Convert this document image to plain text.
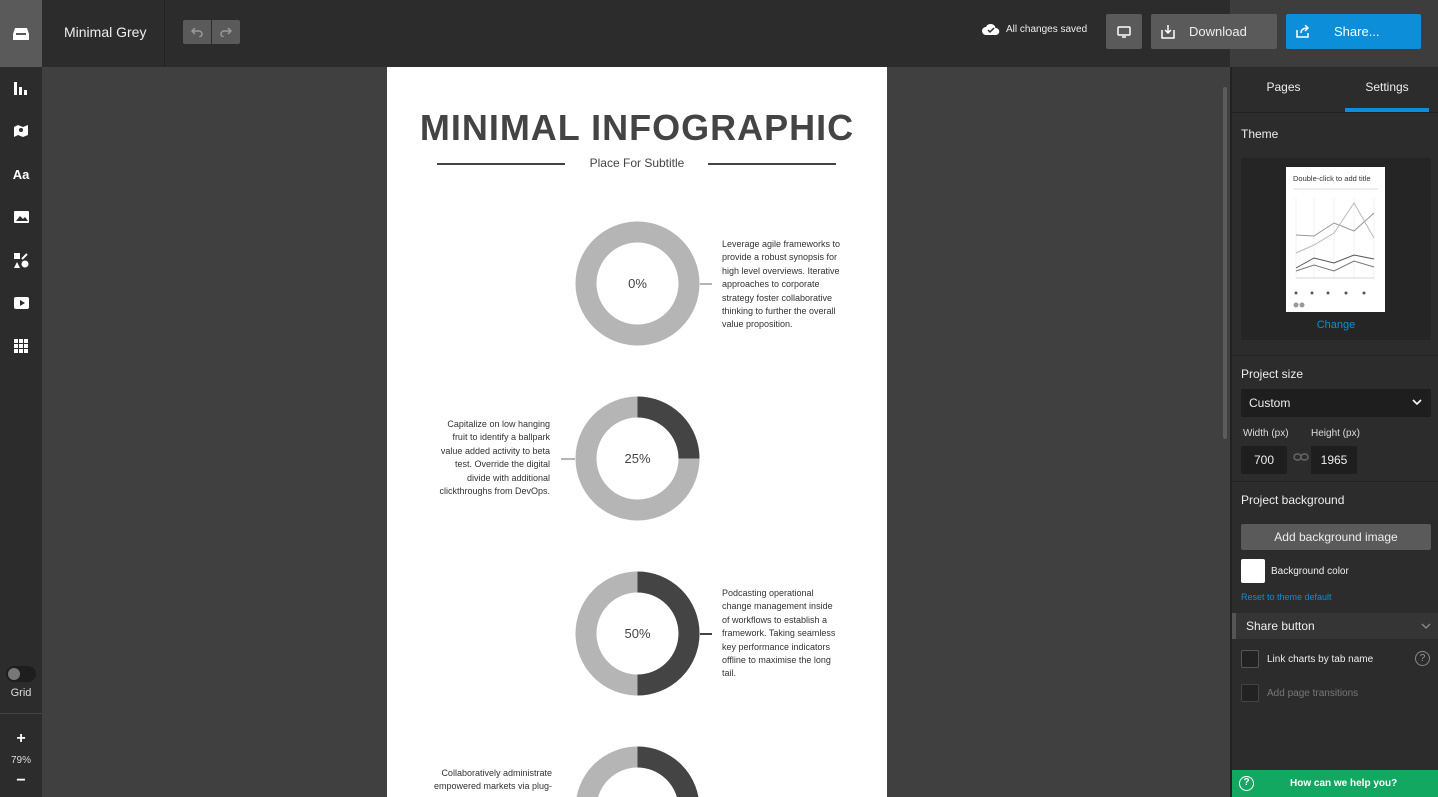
Aa
Grid
+
79%
−
Minimal Grey	All changes saved	Download	Share...
MINIMAL INFOGRAPHIC
Place For Subtitle
0%
Leverage agile frameworks to provide a robust synopsis for high level overviews. Iterative approaches to corporate strategy foster collaborative thinking to further the overall value proposition.
25%
Capitalize on low hanging fruit to identify a ballpark value added activity to beta test. Override the digital divide with additional clickthroughs from DevOps.
50%
Podcasting operational change management inside of workflows to establish a framework. Taking seamless key performance indicators offline to maximise the long tail.
Collaboratively administrate empowered markets via plug-
Pages	Settings
Theme
Double-click to add title
Change
Project size
Custom
Width (px) Height (px)
700	1965
Project background
Add background image
Background color
Reset to theme default
Share button
Link charts by tab name	?
Add page transitions
?	How can we help you?
